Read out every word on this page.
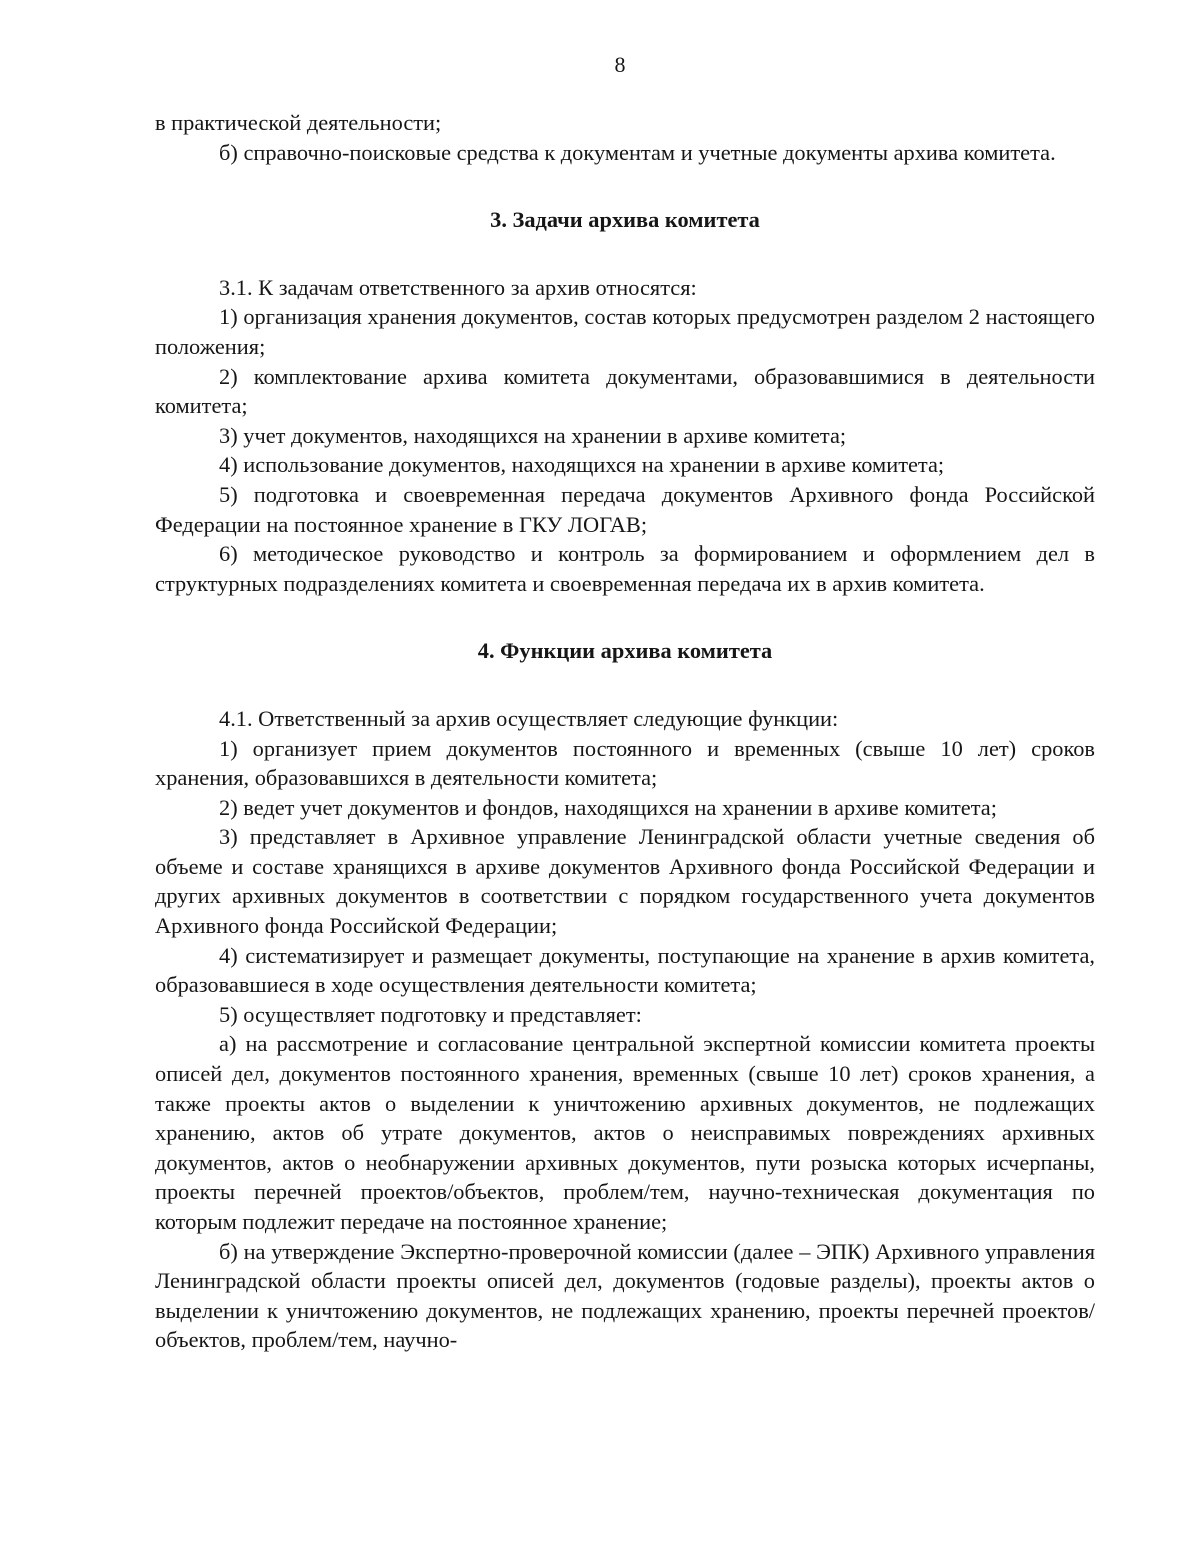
8

в практической деятельности;

б) справочно-поисковые средства к документам и учетные документы архива комитета.

3. Задачи архива комитета

3.1. К задачам ответственного за архив относятся:

1) организация хранения документов, состав которых предусмотрен разделом 2 настоящего положения;

2) комплектование архива комитета документами, образовавшимися в деятельности комитета;

3) учет документов, находящихся на хранении в архиве комитета;

4) использование документов, находящихся на хранении в архиве комитета;

5) подготовка и своевременная передача документов Архивного фонда Российской Федерации на постоянное хранение в ГКУ ЛОГАВ;

6) методическое руководство и контроль за формированием и оформлением дел в структурных подразделениях комитета и своевременная передача их в архив комитета.

4. Функции архива комитета

4.1. Ответственный за архив осуществляет следующие функции:

1) организует прием документов постоянного и временных (свыше 10 лет) сроков хранения, образовавшихся в деятельности комитета;

2) ведет учет документов и фондов, находящихся на хранении в архиве комитета;

3) представляет в Архивное управление Ленинградской области учетные сведения об объеме и составе хранящихся в архиве документов Архивного фонда Российской Федерации и других архивных документов в соответствии с порядком государственного учета документов Архивного фонда Российской Федерации;

4) систематизирует и размещает документы, поступающие на хранение в архив комитета, образовавшиеся в ходе осуществления деятельности комитета;

5) осуществляет подготовку и представляет:

а) на рассмотрение и согласование центральной экспертной комиссии комитета проекты описей дел, документов постоянного хранения, временных (свыше 10 лет) сроков хранения, а также проекты актов о выделении к уничтожению архивных документов, не подлежащих хранению, актов об утрате документов, актов о неисправимых повреждениях архивных документов, актов о необнаружении архивных документов, пути розыска которых исчерпаны, проекты перечней проектов/объектов, проблем/тем, научно-техническая документация по которым подлежит передаче на постоянное хранение;

б) на утверждение Экспертно-проверочной комиссии (далее – ЭПК) Архивного управления Ленинградской области проекты описей дел, документов (годовые разделы), проекты актов о выделении к уничтожению документов, не подлежащих хранению, проекты перечней проектов/объектов, проблем/тем, научно-
